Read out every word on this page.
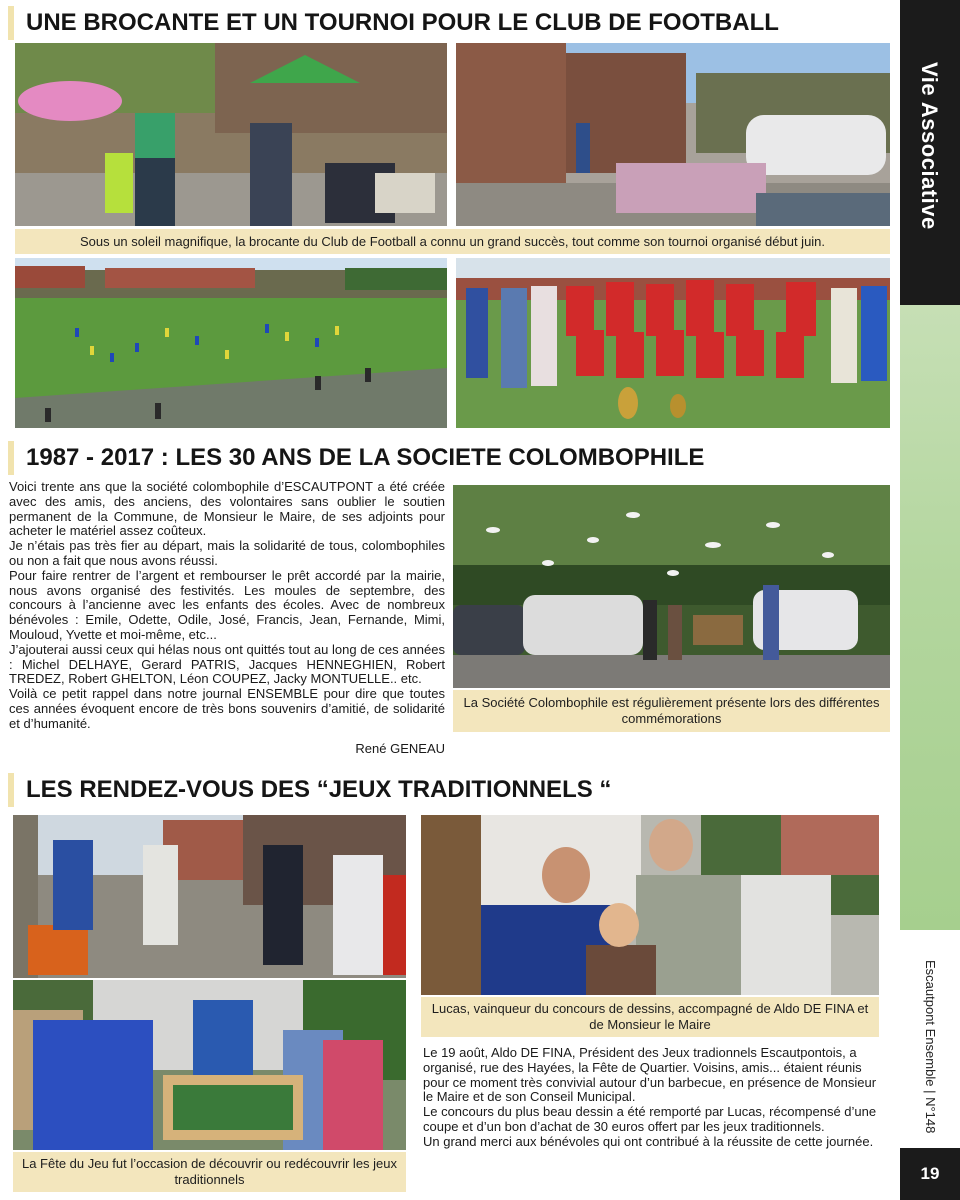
Vie Associative
Escautpont Ensemble | N°148
19
UNE BROCANTE ET UN TOURNOI POUR LE CLUB DE FOOTBALL
Sous un soleil magnifique, la brocante du Club de Football a connu un grand succès, tout comme son tournoi organisé début juin.
1987 - 2017 : LES 30 ANS DE LA SOCIETE COLOMBOPHILE

Voici trente ans que la société colombophile d’ESCAUTPONT a été créée avec des amis, des anciens, des volontaires sans oublier le soutien permanent de la Commune, de Monsieur le Maire, de ses adjoints pour acheter le matériel assez coûteux.

Je n’étais pas très fier au départ, mais la solidarité de tous, colombophiles ou non a fait que nous avons réussi.

Pour faire rentrer de l’argent et rembourser le prêt accordé par la mairie, nous avons organisé des festivités. Les moules de septembre, des concours à l’ancienne avec les enfants des écoles. Avec de nombreux bénévoles : Emile, Odette, Odile, José, Francis, Jean, Fernande, Mimi, Mouloud, Yvette et moi-même, etc...

J’ajouterai aussi ceux qui hélas nous ont quittés tout au long de ces années : Michel DELHAYE, Gerard PATRIS, Jacques HENNEGHIEN, Robert TREDEZ, Robert GHELTON, Léon COUPEZ, Jacky MONTUELLE.. etc.

Voilà ce petit rappel dans notre journal ENSEMBLE pour dire que toutes ces années évoquent encore de très bons souvenirs d’amitié, de solidarité et d’humanité.

René GENEAU
La Société Colombophile est régulièrement présente lors des différentes commémorations
LES RENDEZ-VOUS DES “JEUX TRADITIONNELS “
La Fête du Jeu fut l’occasion de découvrir ou redécouvrir les jeux traditionnels
Lucas, vainqueur du concours de dessins, accompagné de Aldo DE FINA et de Monsieur le Maire

Le 19 août, Aldo DE FINA, Président des Jeux tradionnels Escautpontois, a organisé, rue des Hayées, la Fête de Quartier. Voisins, amis... étaient réunis pour ce moment très convivial autour d’un barbecue, en présence de Monsieur le Maire et de son Conseil Municipal.

Le concours du plus beau dessin a été remporté par Lucas, récompensé d’une coupe et d’un bon d’achat de 30 euros offert par les jeux traditionnels.

Un grand merci aux bénévoles qui ont contribué à la réussite de cette journée.
